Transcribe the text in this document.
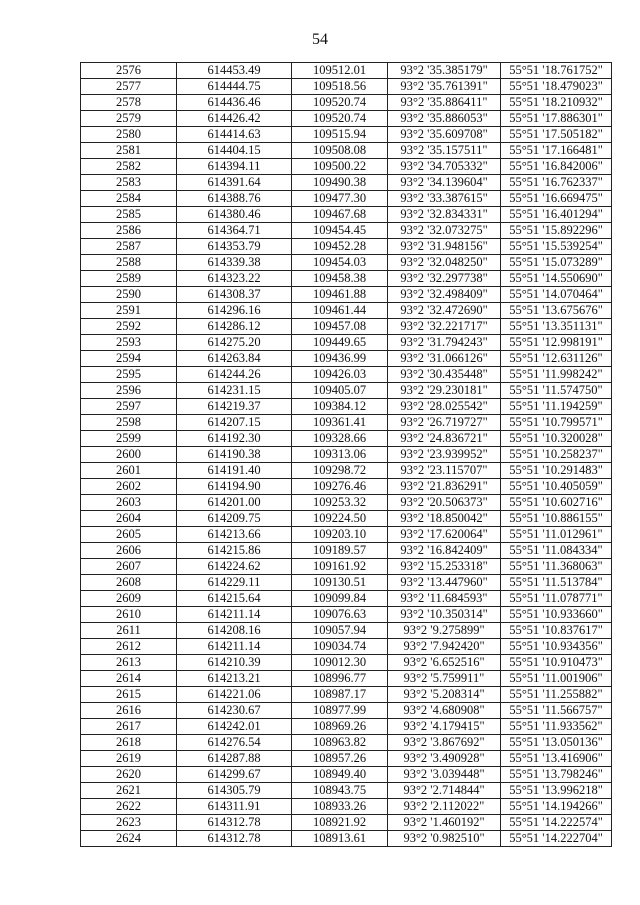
54
2576	614453.49	109512.01	93°2 '35.385179"	55°51 '18.761752"
2577	614444.75	109518.56	93°2 '35.761391"	55°51 '18.479023"
2578	614436.46	109520.74	93°2 '35.886411"	55°51 '18.210932"
2579	614426.42	109520.74	93°2 '35.886053"	55°51 '17.886301"
2580	614414.63	109515.94	93°2 '35.609708"	55°51 '17.505182"
2581	614404.15	109508.08	93°2 '35.157511"	55°51 '17.166481"
2582	614394.11	109500.22	93°2 '34.705332"	55°51 '16.842006"
2583	614391.64	109490.38	93°2 '34.139604"	55°51 '16.762337"
2584	614388.76	109477.30	93°2 '33.387615"	55°51 '16.669475"
2585	614380.46	109467.68	93°2 '32.834331"	55°51 '16.401294"
2586	614364.71	109454.45	93°2 '32.073275"	55°51 '15.892296"
2587	614353.79	109452.28	93°2 '31.948156"	55°51 '15.539254"
2588	614339.38	109454.03	93°2 '32.048250"	55°51 '15.073289"
2589	614323.22	109458.38	93°2 '32.297738"	55°51 '14.550690"
2590	614308.37	109461.88	93°2 '32.498409"	55°51 '14.070464"
2591	614296.16	109461.44	93°2 '32.472690"	55°51 '13.675676"
2592	614286.12	109457.08	93°2 '32.221717"	55°51 '13.351131"
2593	614275.20	109449.65	93°2 '31.794243"	55°51 '12.998191"
2594	614263.84	109436.99	93°2 '31.066126"	55°51 '12.631126"
2595	614244.26	109426.03	93°2 '30.435448"	55°51 '11.998242"
2596	614231.15	109405.07	93°2 '29.230181"	55°51 '11.574750"
2597	614219.37	109384.12	93°2 '28.025542"	55°51 '11.194259"
2598	614207.15	109361.41	93°2 '26.719727"	55°51 '10.799571"
2599	614192.30	109328.66	93°2 '24.836721"	55°51 '10.320028"
2600	614190.38	109313.06	93°2 '23.939952"	55°51 '10.258237"
2601	614191.40	109298.72	93°2 '23.115707"	55°51 '10.291483"
2602	614194.90	109276.46	93°2 '21.836291"	55°51 '10.405059"
2603	614201.00	109253.32	93°2 '20.506373"	55°51 '10.602716"
2604	614209.75	109224.50	93°2 '18.850042"	55°51 '10.886155"
2605	614213.66	109203.10	93°2 '17.620064"	55°51 '11.012961"
2606	614215.86	109189.57	93°2 '16.842409"	55°51 '11.084334"
2607	614224.62	109161.92	93°2 '15.253318"	55°51 '11.368063"
2608	614229.11	109130.51	93°2 '13.447960"	55°51 '11.513784"
2609	614215.64	109099.84	93°2 '11.684593"	55°51 '11.078771"
2610	614211.14	109076.63	93°2 '10.350314"	55°51 '10.933660"
2611	614208.16	109057.94	93°2 '9.275899"	55°51 '10.837617"
2612	614211.14	109034.74	93°2 '7.942420"	55°51 '10.934356"
2613	614210.39	109012.30	93°2 '6.652516"	55°51 '10.910473"
2614	614213.21	108996.77	93°2 '5.759911"	55°51 '11.001906"
2615	614221.06	108987.17	93°2 '5.208314"	55°51 '11.255882"
2616	614230.67	108977.99	93°2 '4.680908"	55°51 '11.566757"
2617	614242.01	108969.26	93°2 '4.179415"	55°51 '11.933562"
2618	614276.54	108963.82	93°2 '3.867692"	55°51 '13.050136"
2619	614287.88	108957.26	93°2 '3.490928"	55°51 '13.416906"
2620	614299.67	108949.40	93°2 '3.039448"	55°51 '13.798246"
2621	614305.79	108943.75	93°2 '2.714844"	55°51 '13.996218"
2622	614311.91	108933.26	93°2 '2.112022"	55°51 '14.194266"
2623	614312.78	108921.92	93°2 '1.460192"	55°51 '14.222574"
2624	614312.78	108913.61	93°2 '0.982510"	55°51 '14.222704"
